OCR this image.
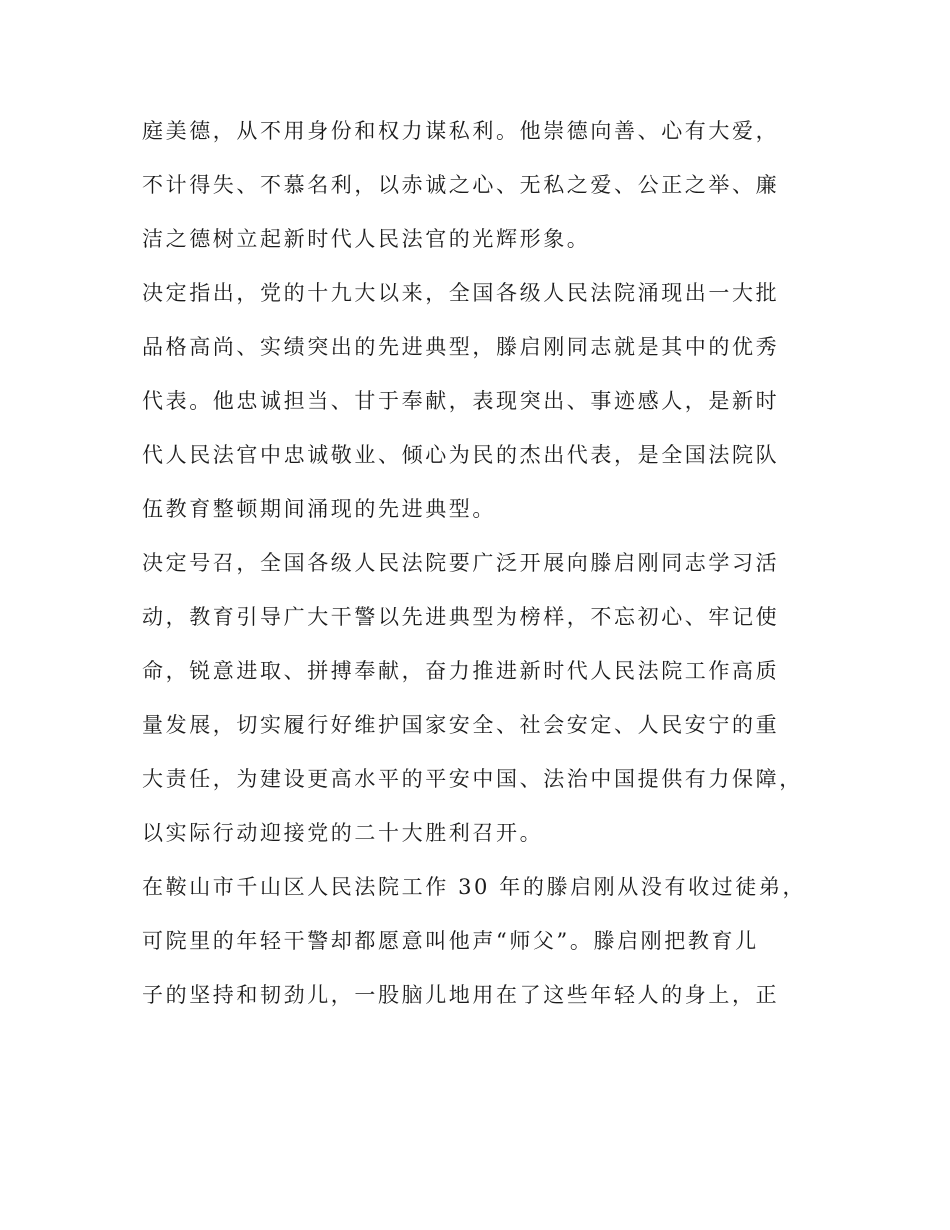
庭美德，从不用身份和权力谋私利。他崇德向善、心有大爱，
不计得失、不慕名利，以赤诚之心、无私之爱、公正之举、廉
洁之德树立起新时代人民法官的光辉形象。
决定指出，党的十九大以来，全国各级人民法院涌现出一大批
品格高尚、实绩突出的先进典型，滕启刚同志就是其中的优秀
代表。他忠诚担当、甘于奉献，表现突出、事迹感人，是新时
代人民法官中忠诚敬业、倾心为民的杰出代表，是全国法院队
伍教育整顿期间涌现的先进典型。
决定号召，全国各级人民法院要广泛开展向滕启刚同志学习活
动，教育引导广大干警以先进典型为榜样，不忘初心、牢记使
命，锐意进取、拼搏奉献，奋力推进新时代人民法院工作高质
量发展，切实履行好维护国家安全、社会安定、人民安宁的重
大责任，为建设更高水平的平安中国、法治中国提供有力保障，
以实际行动迎接党的二十大胜利召开。
在鞍山市千山区人民法院工作 30 年的滕启刚从没有收过徒弟，
可院里的年轻干警却都愿意叫他声“师父”。滕启刚把教育儿
子的坚持和韧劲儿，一股脑儿地用在了这些年轻人的身上，正
